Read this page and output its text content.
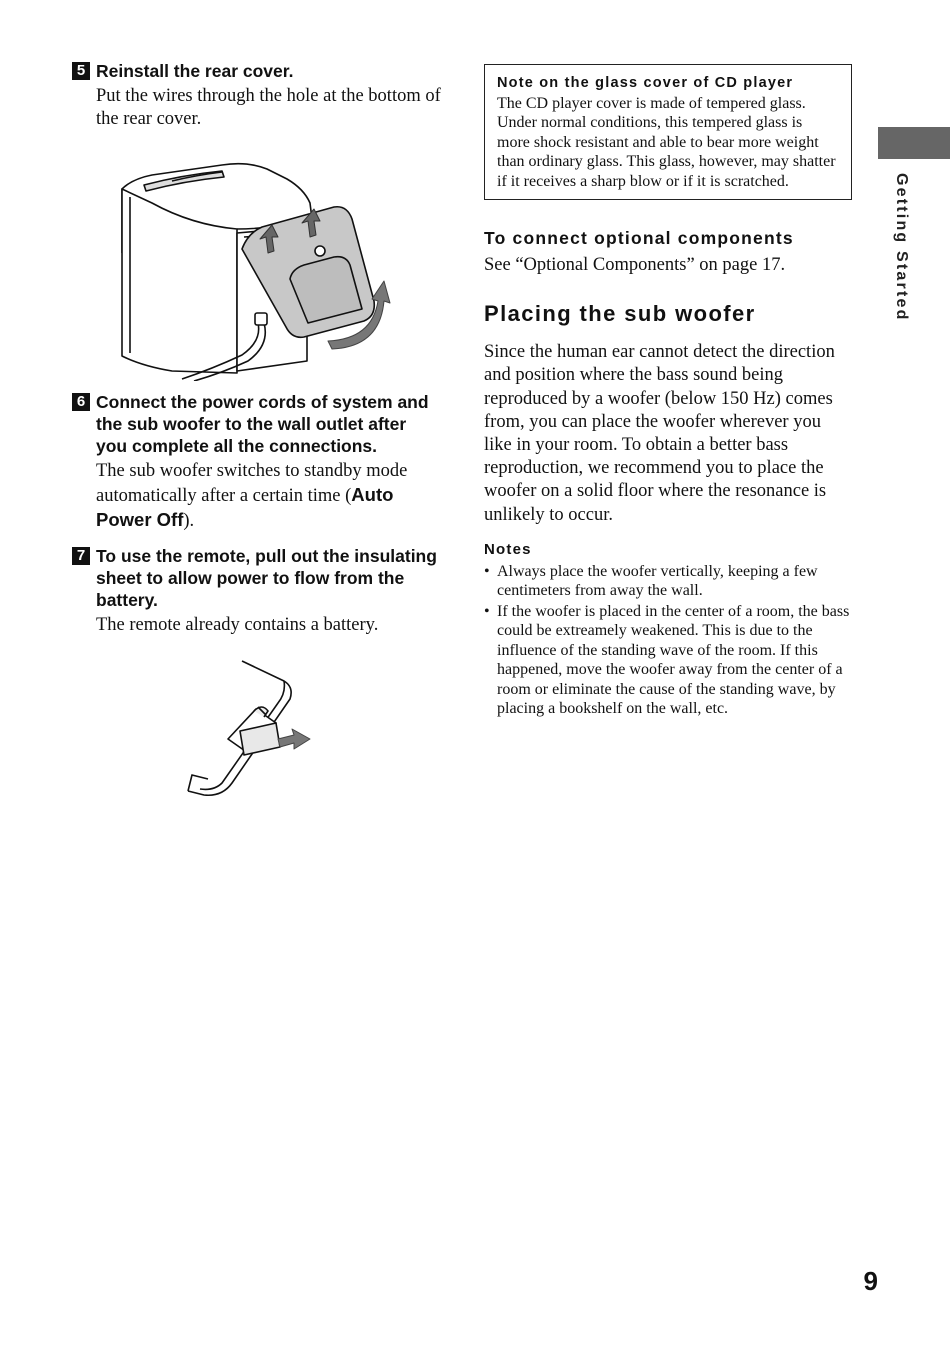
Getting Started
5 Reinstall the rear cover.

Put the wires through the hole at the bottom of the rear cover.

6 Connect the power cords of system and the sub woofer to the wall outlet after you complete all the connections.

The sub woofer switches to standby mode automatically after a certain time (Auto Power Off).

7 To use the remote, pull out the insulating sheet to allow power to flow from the battery.

The remote already contains a battery.

Note on the glass cover of CD player

The CD player cover is made of tempered glass. Under normal conditions, this tempered glass is more shock resistant and able to bear more weight than ordinary glass. This glass, however, may shatter if it receives a sharp blow or if it is scratched.

To connect optional components

See “Optional Components” on page 17.

Placing the sub woofer

Since the human ear cannot detect the direction and position where the bass sound being reproduced by a woofer (below 150 Hz) comes from, you can place the woofer wherever you like in your room. To obtain a better bass reproduction, we recommend you to place the woofer on a solid floor where the resonance is unlikely to occur.

Notes

• Always place the woofer vertically, keeping a few centimeters from away the wall.
• If the woofer is placed in the center of a room, the bass could be extreamely weakened. This is due to the influence of the standing wave of the room. If this happened, move the woofer away from the center of a room or eliminate the cause of the standing wave, by placing a bookshelf on the wall, etc.
9
